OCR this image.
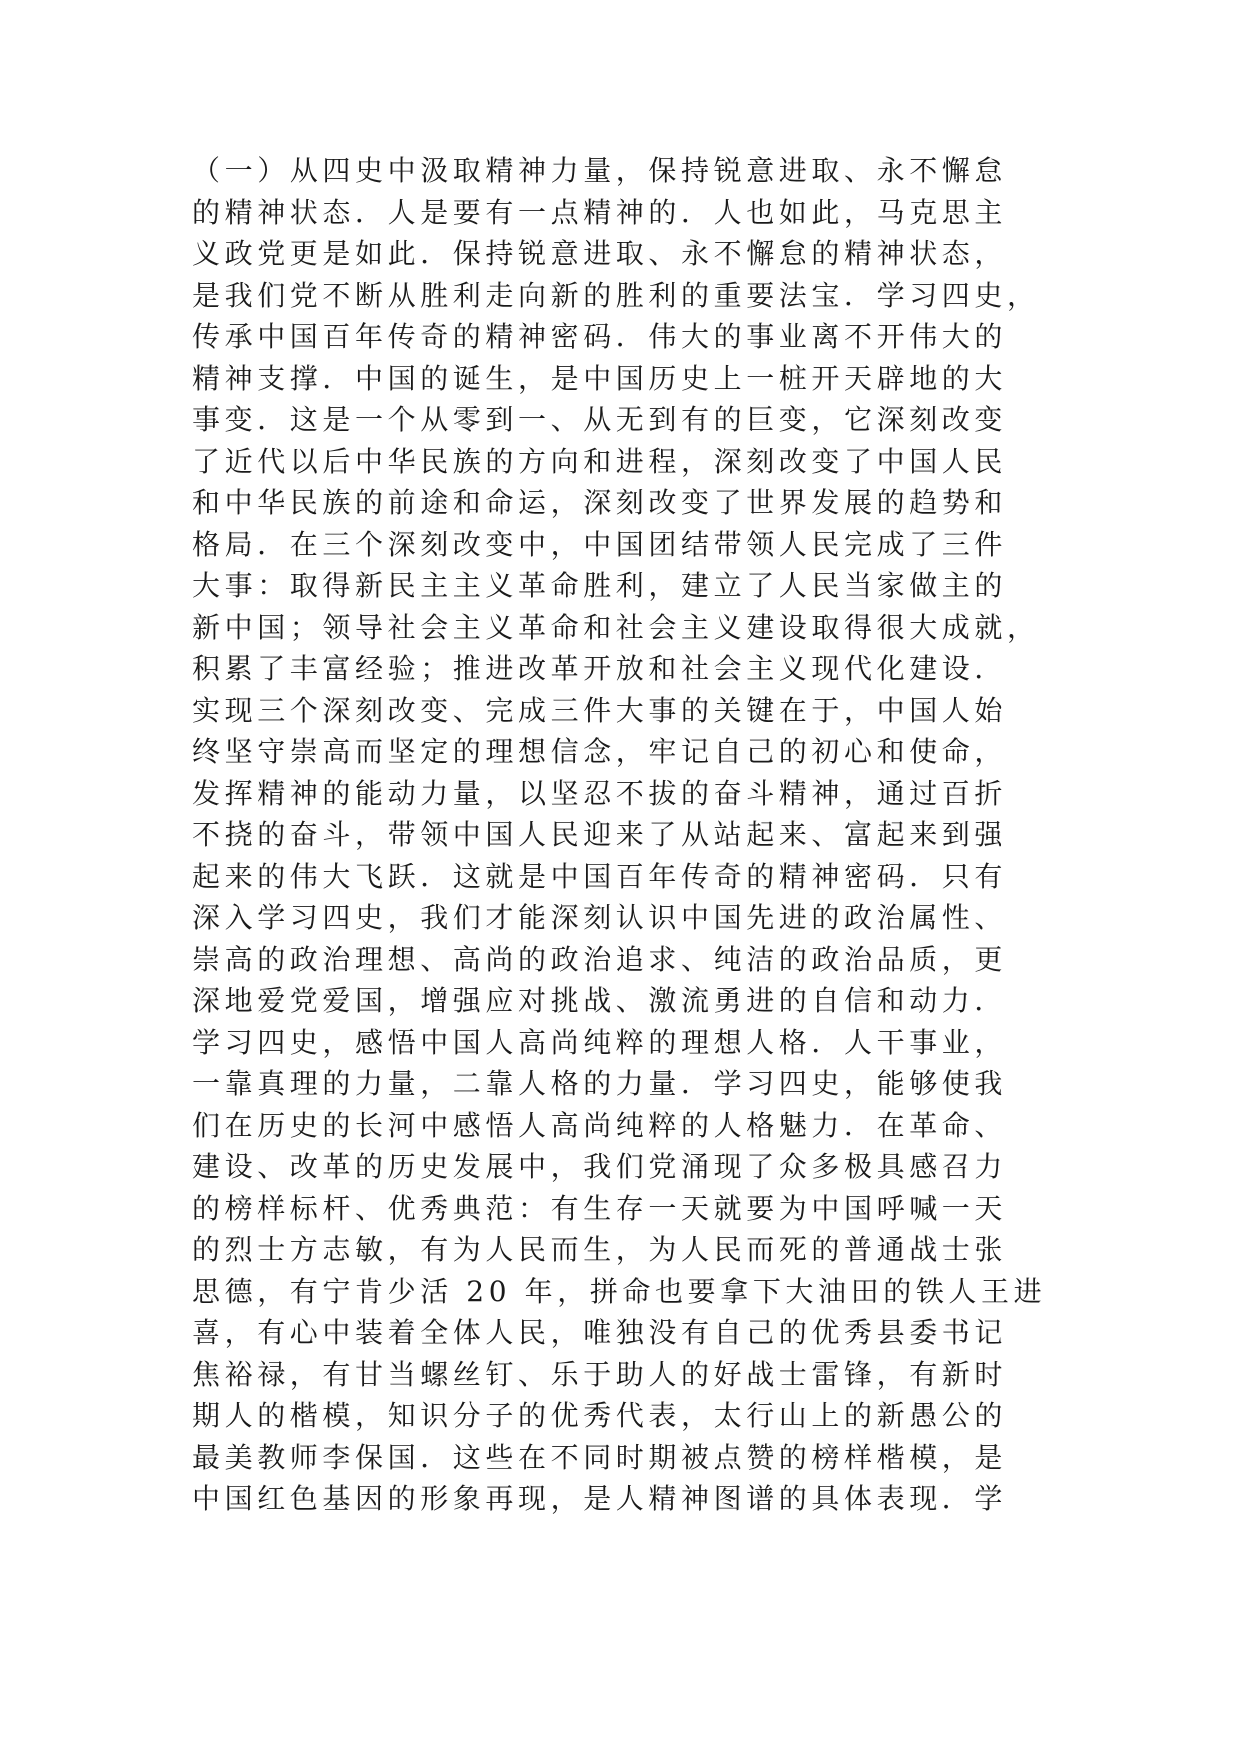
（一）从四史中汲取精神力量，保持锐意进取、永不懈怠
的精神状态．人是要有一点精神的．人也如此，马克思主
义政党更是如此．保持锐意进取、永不懈怠的精神状态，
是我们党不断从胜利走向新的胜利的重要法宝．学习四史，
传承中国百年传奇的精神密码．伟大的事业离不开伟大的
精神支撑．中国的诞生，是中国历史上一桩开天辟地的大
事变．这是一个从零到一、从无到有的巨变，它深刻改变
了近代以后中华民族的方向和进程，深刻改变了中国人民
和中华民族的前途和命运，深刻改变了世界发展的趋势和
格局．在三个深刻改变中，中国团结带领人民完成了三件
大事：取得新民主主义革命胜利，建立了人民当家做主的
新中国；领导社会主义革命和社会主义建设取得很大成就，
积累了丰富经验；推进改革开放和社会主义现代化建设．
实现三个深刻改变、完成三件大事的关键在于，中国人始
终坚守崇高而坚定的理想信念，牢记自己的初心和使命，
发挥精神的能动力量，以坚忍不拔的奋斗精神，通过百折
不挠的奋斗，带领中国人民迎来了从站起来、富起来到强
起来的伟大飞跃．这就是中国百年传奇的精神密码．只有
深入学习四史，我们才能深刻认识中国先进的政治属性、
崇高的政治理想、高尚的政治追求、纯洁的政治品质，更
深地爱党爱国，增强应对挑战、激流勇进的自信和动力．
学习四史，感悟中国人高尚纯粹的理想人格．人干事业，
一靠真理的力量，二靠人格的力量．学习四史，能够使我
们在历史的长河中感悟人高尚纯粹的人格魅力．在革命、
建设、改革的历史发展中，我们党涌现了众多极具感召力
的榜样标杆、优秀典范：有生存一天就要为中国呼喊一天
的烈士方志敏，有为人民而生，为人民而死的普通战士张
思德，有宁肯少活 20 年，拼命也要拿下大油田的铁人王进
喜，有心中装着全体人民，唯独没有自己的优秀县委书记
焦裕禄，有甘当螺丝钉、乐于助人的好战士雷锋，有新时
期人的楷模，知识分子的优秀代表，太行山上的新愚公的
最美教师李保国．这些在不同时期被点赞的榜样楷模，是
中国红色基因的形象再现，是人精神图谱的具体表现．学
